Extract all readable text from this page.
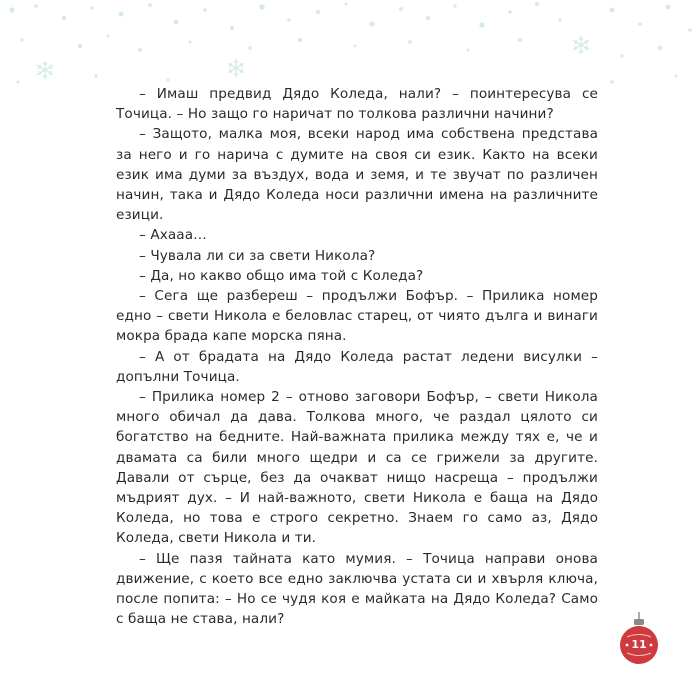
– Имаш предвид Дядо Коледа, нали? – поинтересува се Точица. – Но защо го наричат по толкова различни начини?

– Защото, малка моя, всеки народ има собствена представа за него и го нарича с думите на своя си език. Както на всеки език има думи за въздух, вода и земя, и те звучат по различен начин, така и Дядо Коледа носи различни имена на различните езици.

– Ахааа…

– Чувала ли си за свети Никола?

– Да, но какво общо има той с Коледа?

– Сега ще разбереш – продължи Бофър. – Прилика номер едно – свети Никола е беловлас старец, от чиято дълга и винаги мокра брада капе морска пяна.

– А от брадата на Дядо Коледа растат ледени висулки – допълни Точица.

– Прилика номер 2 – отново заговори Бофър, – свети Никола много обичал да дава. Толкова много, че раздал цялото си богатство на бедните. Най-важната прилика между тях е, че и двамата са били много щедри и са се грижели за другите. Давали от сърце, без да очакват нищо насреща – продължи мъдрият дух. – И най-важното, свети Никола е баща на Дядо Коледа, но това е строго секретно. Знаем го само аз, Дядо Коледа, свети Никола и ти.

– Ще пазя тайната като мумия. – Точица направи онова движение, с което все едно заключва устата си и хвърля ключа, после попита: – Но се чудя коя е майката на Дядо Коледа? Само с баща не става, нали?

11
